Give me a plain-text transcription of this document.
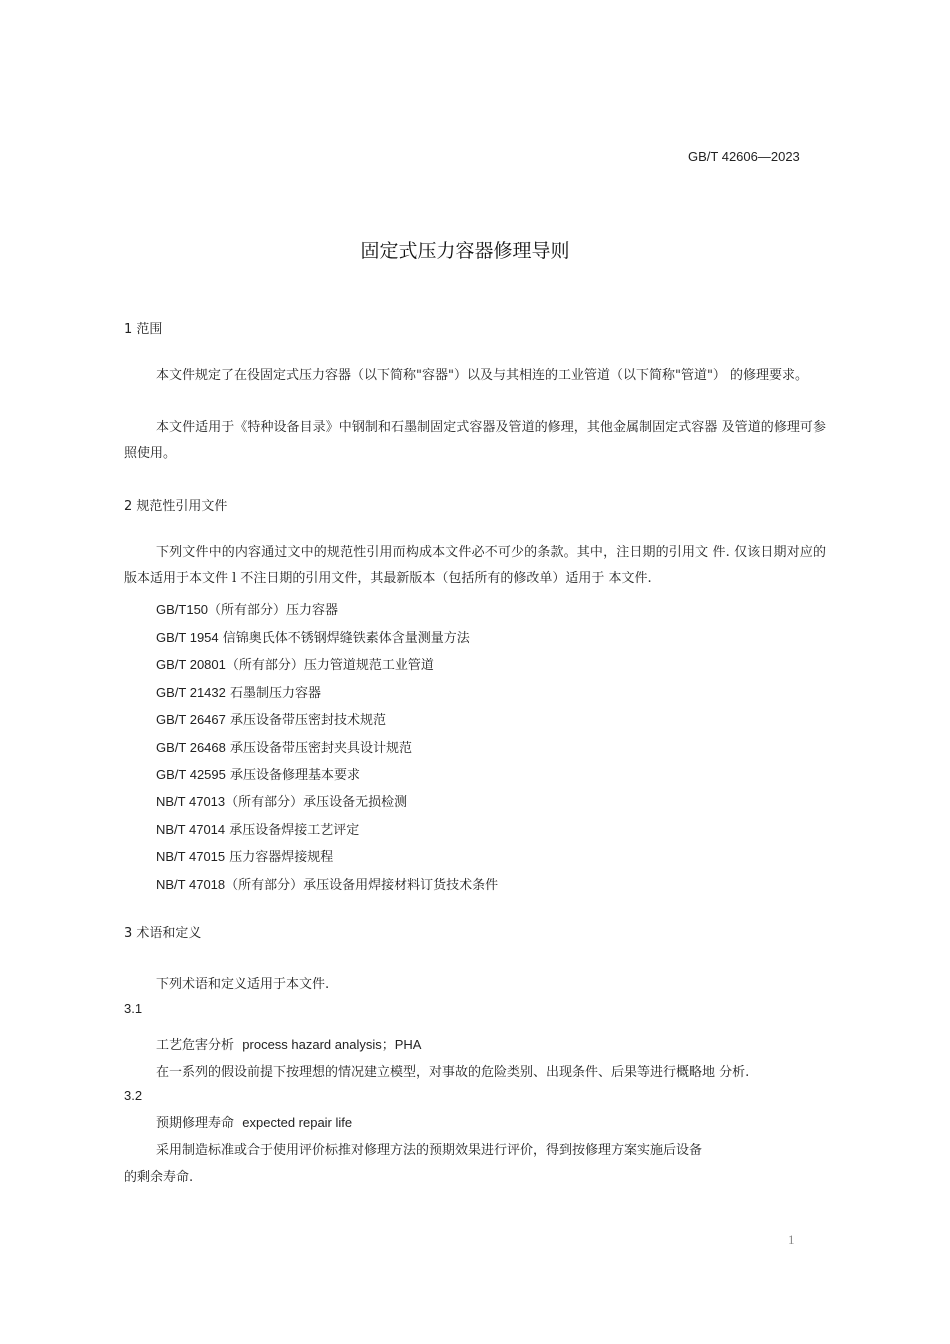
GB/T 42606—2023
固定式压力容器修理导则
1 范围
本文件规定了在役固定式压力容器（以下简称"容器"）以及与其相连的工业管道（以下简称"管道"） 的修理要求。
本文件适用于《特种设备目录》中钢制和石墨制固定式容器及管道的修理，其他金属制固定式容器 及管道的修理可参照使用。
2 规范性引用文件
下列文件中的内容通过文中的规范性引用而构成本文件必不可少的条款。其中，注日期的引用文 件. 仅该日期对应的版本适用于本文件 l 不注日期的引用文件，其最新版本（包括所有的修改单）适用于 本文件.
GB/T150（所有部分）压力容器
GB/T 1954 信锦奥氏体不锈钢焊缝铁素体含量测量方法
GB/T 20801（所有部分）压力管道规范工业管道
GB/T 21432 石墨制压力容器
GB/T 26467 承压设备带压密封技术规范
GB/T 26468 承压设备带压密封夹具设计规范
GB/T 42595 承压设备修理基本要求
NB/T 47013（所有部分）承压设备无损检测
NB/T 47014 承压设备焊接工艺评定
NB/T 47015 压力容器焊接规程
NB/T 47018（所有部分）承压设备用焊接材料订货技术条件
3 术语和定义
下列术语和定义适用于本文件.
3.1
工艺危害分析 process hazard analysis；PHA
在一系列的假设前提下按理想的情况建立模型，对事故的危险类别、出现条件、后果等进行概略地 分析.
3.2
预期修理寿命 expected repair life
采用制造标准或合于使用评价标推对修理方法的预期效果进行评价，得到按修理方案实施后设备
的剩余寿命.
1
